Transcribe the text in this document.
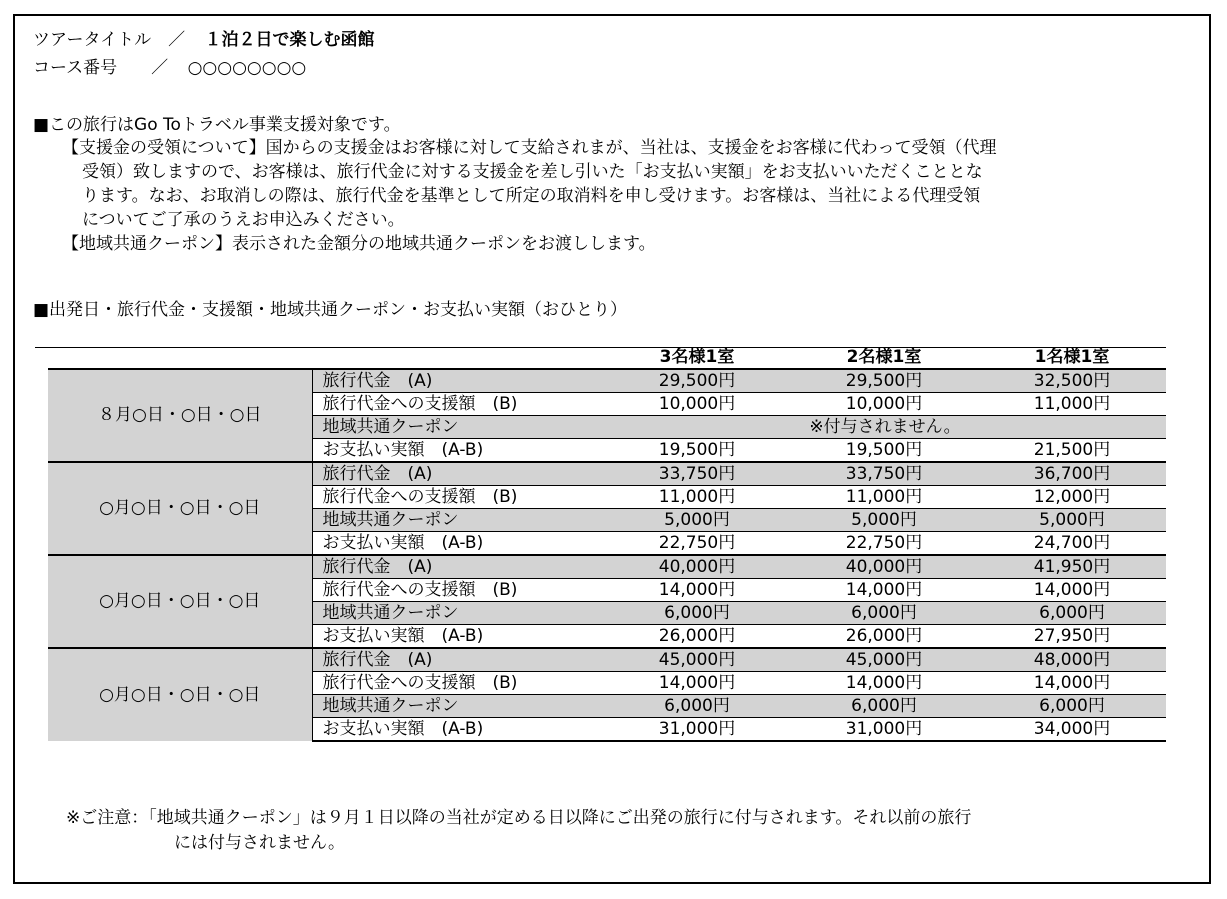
ツアータイトル　／ １泊２日で楽しむ函館
コース番号　　／ ○○○○○○○○
■この旅行はGo Toトラベル事業支援対象です。
【支援金の受領について】国からの支援金はお客様に対して支給されまが、当社は、支援金をお客様に代わって受領（代理
受領）致しますので、お客様は、旅行代金に対する支援金を差し引いた「お支払い実額」をお支払いいただくこととな
ります。なお、お取消しの際は、旅行代金を基準として所定の取消料を申し受けます。お客様は、当社による代理受領
についてご了承のうえお申込みください。
【地域共通クーポン】表示された金額分の地域共通クーポンをお渡しします。
■出発日・旅行代金・支援額・地域共通クーポン・お支払い実額（おひとり）
		3名様1室	2名様1室	1名様1室
８月○日・○日・○日	旅行代金　(A)	29,500円	29,500円	32,500円
	旅行代金への支援額　(B)	10,000円	10,000円	11,000円
	地域共通クーポン	※付与されません。		
	お支払い実額　(A-B)	19,500円	19,500円	21,500円
○月○日・○日・○日	旅行代金　(A)	33,750円	33,750円	36,700円
	旅行代金への支援額　(B)	11,000円	11,000円	12,000円
	地域共通クーポン	5,000円	5,000円	5,000円
	お支払い実額　(A-B)	22,750円	22,750円	24,700円
○月○日・○日・○日	旅行代金　(A)	40,000円	40,000円	41,950円
	旅行代金への支援額　(B)	14,000円	14,000円	14,000円
	地域共通クーポン	6,000円	6,000円	6,000円
	お支払い実額　(A-B)	26,000円	26,000円	27,950円
○月○日・○日・○日	旅行代金　(A)	45,000円	45,000円	48,000円
	旅行代金への支援額　(B)	14,000円	14,000円	14,000円
	地域共通クーポン	6,000円	6,000円	6,000円
	お支払い実額　(A-B)	31,000円	31,000円	34,000円
※ご注意：「地域共通クーポン」は９月１日以降の当社が定める日以降にご出発の旅行に付与されます。それ以前の旅行
には付与されません。
